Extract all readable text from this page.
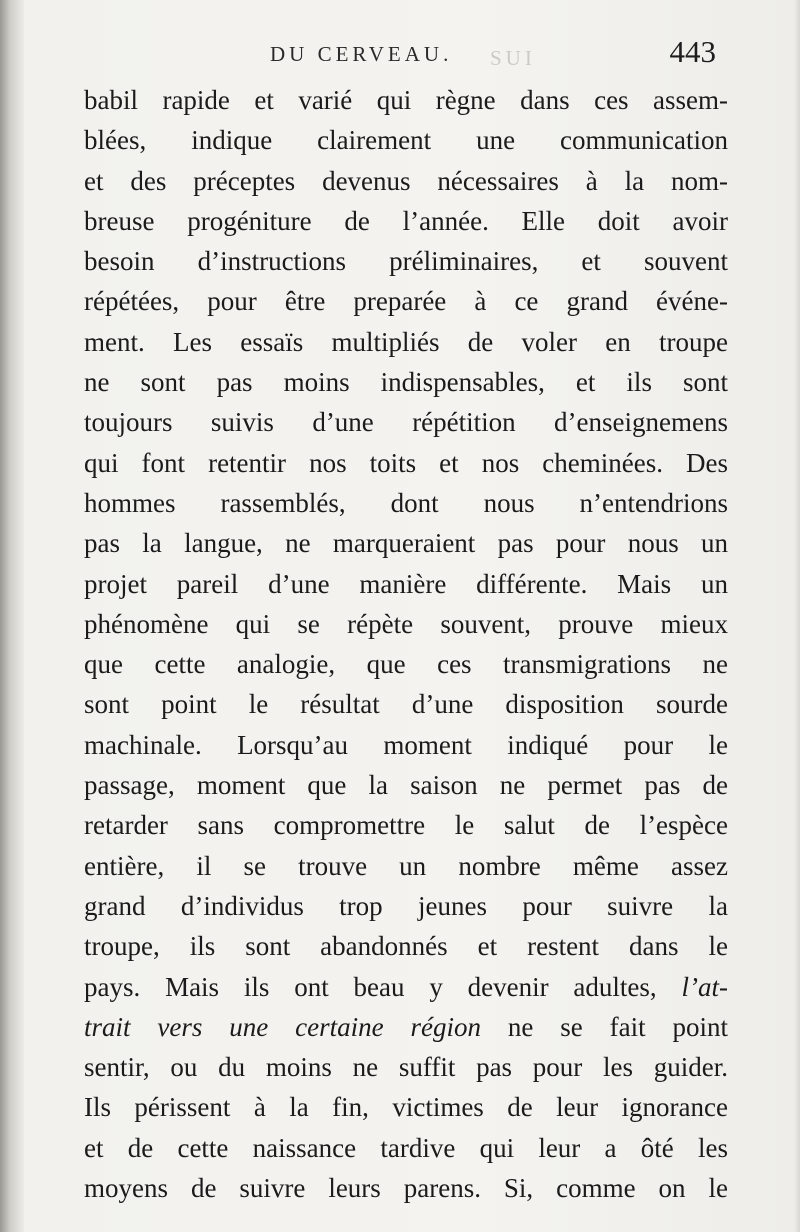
SUI
DU CERVEAU.	443
babil rapide et varié qui règne dans ces assem-
blées, indique clairement une communication
et des préceptes devenus nécessaires à la nom-
breuse progéniture de l’année. Elle doit avoir
besoin d’instructions préliminaires, et souvent
répétées, pour être preparée à ce grand événe-
ment. Les essaïs multipliés de voler en troupe
ne sont pas moins indispensables, et ils sont
toujours suivis d’une répétition d’enseignemens
qui font retentir nos toits et nos cheminées. Des
hommes rassemblés, dont nous n’entendrions
pas la langue, ne marqueraient pas pour nous un
projet pareil d’une manière différente. Mais un
phénomène qui se répète souvent, prouve mieux
que cette analogie, que ces transmigrations ne
sont point le résultat d’une disposition sourde
machinale. Lorsqu’au moment indiqué pour le
passage, moment que la saison ne permet pas de
retarder sans compromettre le salut de l’espèce
entière, il se trouve un nombre même assez
grand d’individus trop jeunes pour suivre la
troupe, ils sont abandonnés et restent dans le
pays. Mais ils ont beau y devenir adultes, l’at-
trait vers une certaine région ne se fait point
sentir, ou du moins ne suffit pas pour les guider.
Ils périssent à la fin, victimes de leur ignorance
et de cette naissance tardive qui leur a ôté les
moyens de suivre leurs parens. Si, comme on le
